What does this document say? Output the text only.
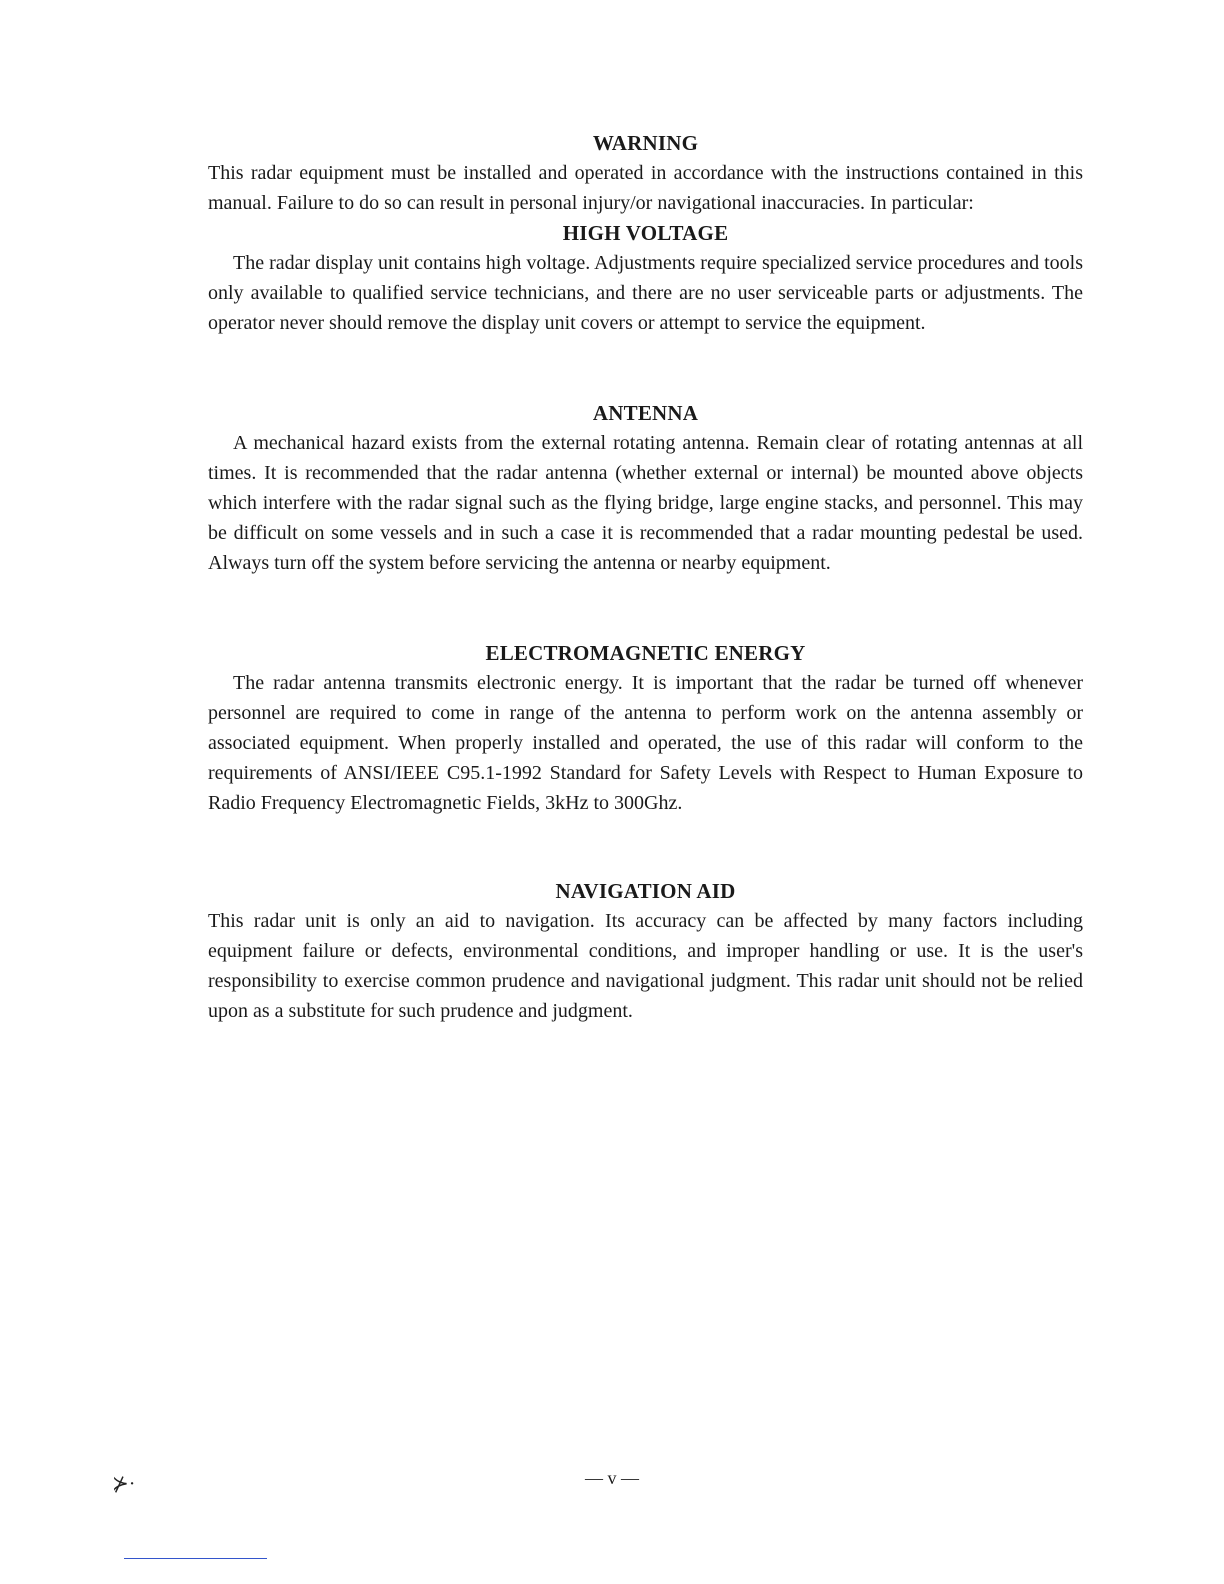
WARNING

This radar equipment must be installed and operated in accordance with the instructions contained in this manual. Failure to do so can result in personal injury/or navigational inaccuracies. In particular:

HIGH VOLTAGE

The radar display unit contains high voltage. Adjustments require specialized service procedures and tools only available to qualified service technicians, and there are no user serviceable parts or adjustments. The operator never should remove the display unit covers or attempt to service the equipment.

ANTENNA

A mechanical hazard exists from the external rotating antenna. Remain clear of rotating antennas at all times. It is recommended that the radar antenna (whether external or internal) be mounted above objects which interfere with the radar signal such as the flying bridge, large engine stacks, and personnel. This may be difficult on some vessels and in such a case it is recommended that a radar mounting pedestal be used. Always turn off the system before servicing the antenna or nearby equipment.

ELECTROMAGNETIC ENERGY

The radar antenna transmits electronic energy. It is important that the radar be turned off whenever personnel are required to come in range of the antenna to perform work on the antenna assembly or associated equipment. When properly installed and operated, the use of this radar will conform to the requirements of ANSI/IEEE C95.1-1992 Standard for Safety Levels with Respect to Human Exposure to Radio Frequency Electromagnetic Fields, 3kHz to 300Ghz.

NAVIGATION AID

This radar unit is only an aid to navigation. Its accuracy can be affected by many factors including equipment failure or defects, environmental conditions, and improper handling or use. It is the user's responsibility to exercise common prudence and navigational judgment. This radar unit should not be relied upon as a substitute for such prudence and judgment.

— v —
⊁·
